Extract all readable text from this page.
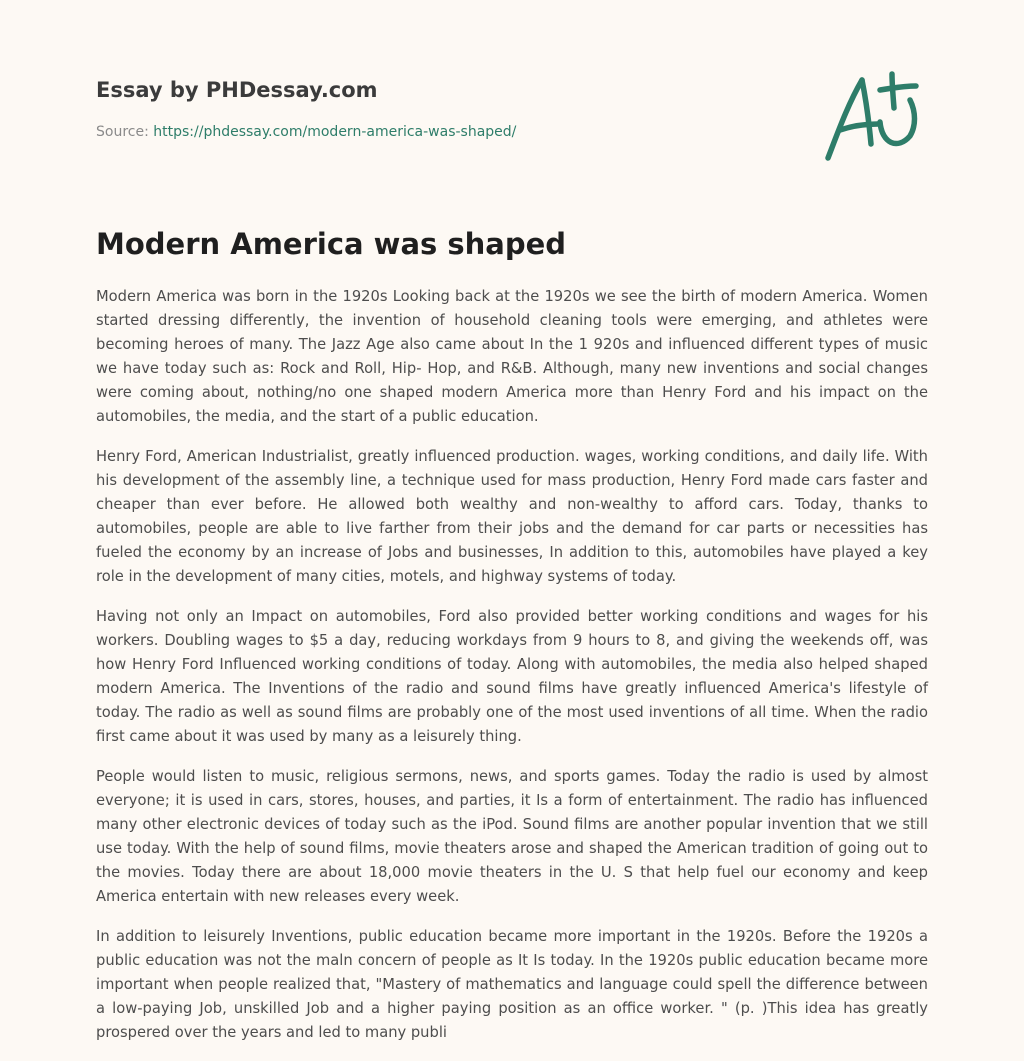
Essay by PHDessay.com
Source: https://phdessay.com/modern-america-was-shaped/
Modern America was shaped

Modern America was born in the 1920s Looking back at the 1920s we see the birth of modern America. Women started dressing differently, the invention of household cleaning tools were emerging, and athletes were becoming heroes of many. The Jazz Age also came about In the 1 920s and influenced different types of music we have today such as: Rock and Roll, Hip- Hop, and R&B. Although, many new inventions and social changes were coming about, nothing/no one shaped modern America more than Henry Ford and his impact on the automobiles, the media, and the start of a public education.

Henry Ford, American Industrialist, greatly influenced production. wages, working conditions, and daily life. With his development of the assembly line, a technique used for mass production, Henry Ford made cars faster and cheaper than ever before. He allowed both wealthy and non-wealthy to afford cars. Today, thanks to automobiles, people are able to live farther from their jobs and the demand for car parts or necessities has fueled the economy by an increase of Jobs and businesses, In addition to this, automobiles have played a key role in the development of many cities, motels, and highway systems of today.

Having not only an Impact on automobiles, Ford also provided better working conditions and wages for his workers. Doubling wages to $5 a day, reducing workdays from 9 hours to 8, and giving the weekends off, was how Henry Ford Influenced working conditions of today. Along with automobiles, the media also helped shaped modern America. The Inventions of the radio and sound films have greatly influenced America's lifestyle of today. The radio as well as sound films are probably one of the most used inventions of all time. When the radio first came about it was used by many as a leisurely thing.

People would listen to music, religious sermons, news, and sports games. Today the radio is used by almost everyone; it is used in cars, stores, houses, and parties, it Is a form of entertainment. The radio has influenced many other electronic devices of today such as the iPod. Sound films are another popular invention that we still use today. With the help of sound films, movie theaters arose and shaped the American tradition of going out to the movies. Today there are about 18,000 movie theaters in the U. S that help fuel our economy and keep America entertain with new releases every week.

In addition to leisurely Inventions, public education became more important in the 1920s. Before the 1920s a public education was not the maln concern of people as It Is today. In the 1920s public education became more important when people realized that, "Mastery of mathematics and language could spell the difference between a low-paying Job, unskilled Job and a higher paying position as an office worker. " (p. )This idea has greatly prospered over the years and led to many publi
